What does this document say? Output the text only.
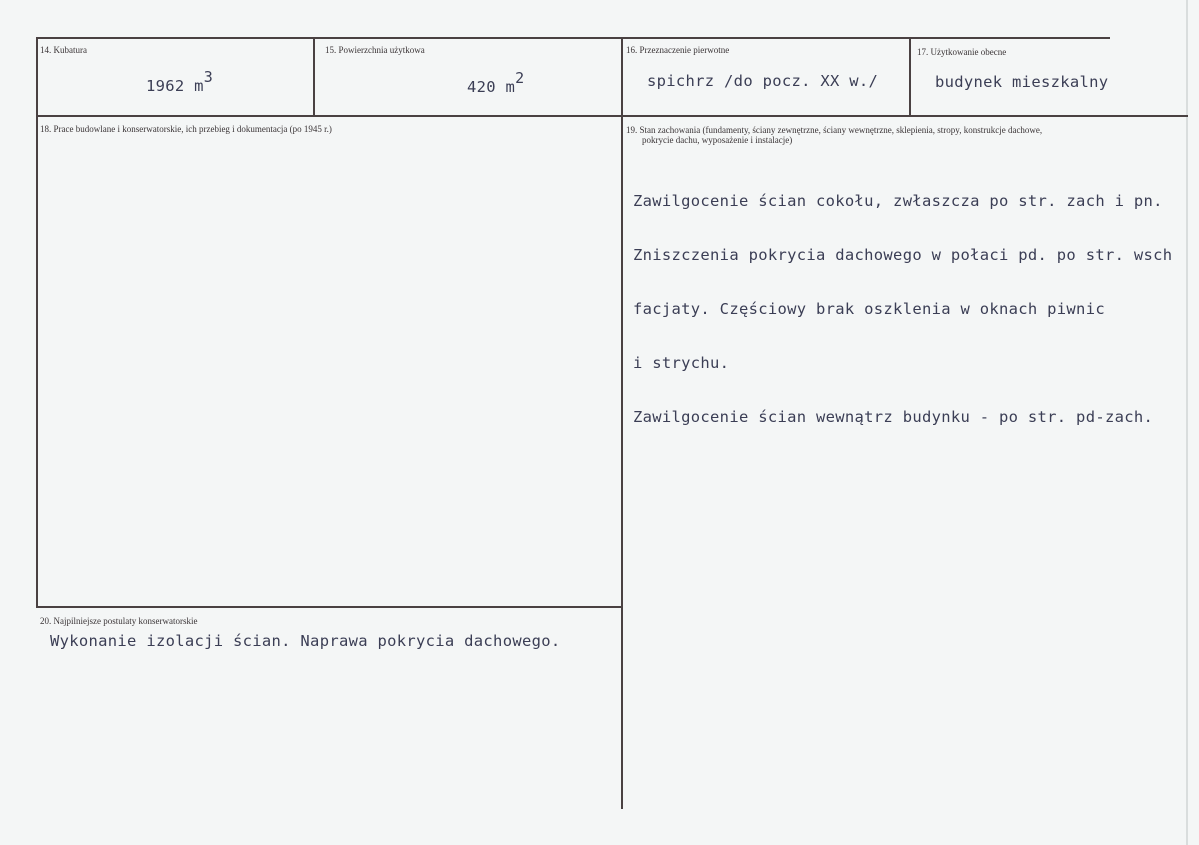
14. Kubatura
1962 m3
15. Powierzchnia użytkowa
420 m2
16. Przeznaczenie pierwotne
spichrz /do pocz. XX w./
17. Użytkowanie obecne
budynek mieszkalny
18. Prace budowlane i konserwatorskie, ich przebieg i dokumentacja (po 1945 r.)	19. Stan zachowania (fundamenty, ściany zewnętrzne, ściany wewnętrzne, sklepienia, stropy, konstrukcje dachowe,
pokrycie dachu, wyposażenie i instalacje)

Zawilgocenie ścian cokołu, zwłaszcza po str. zach i pn.

Zniszczenia pokrycia dachowego w połaci pd. po str. wsch

facjaty. Częściowy brak oszklenia w oknach piwnic

i strychu.

Zawilgocenie ścian wewnątrz budynku - po str. pd-zach.

20. Najpilniejsze postulaty konserwatorskie
Wykonanie izolacji ścian. Naprawa pokrycia dachowego.
